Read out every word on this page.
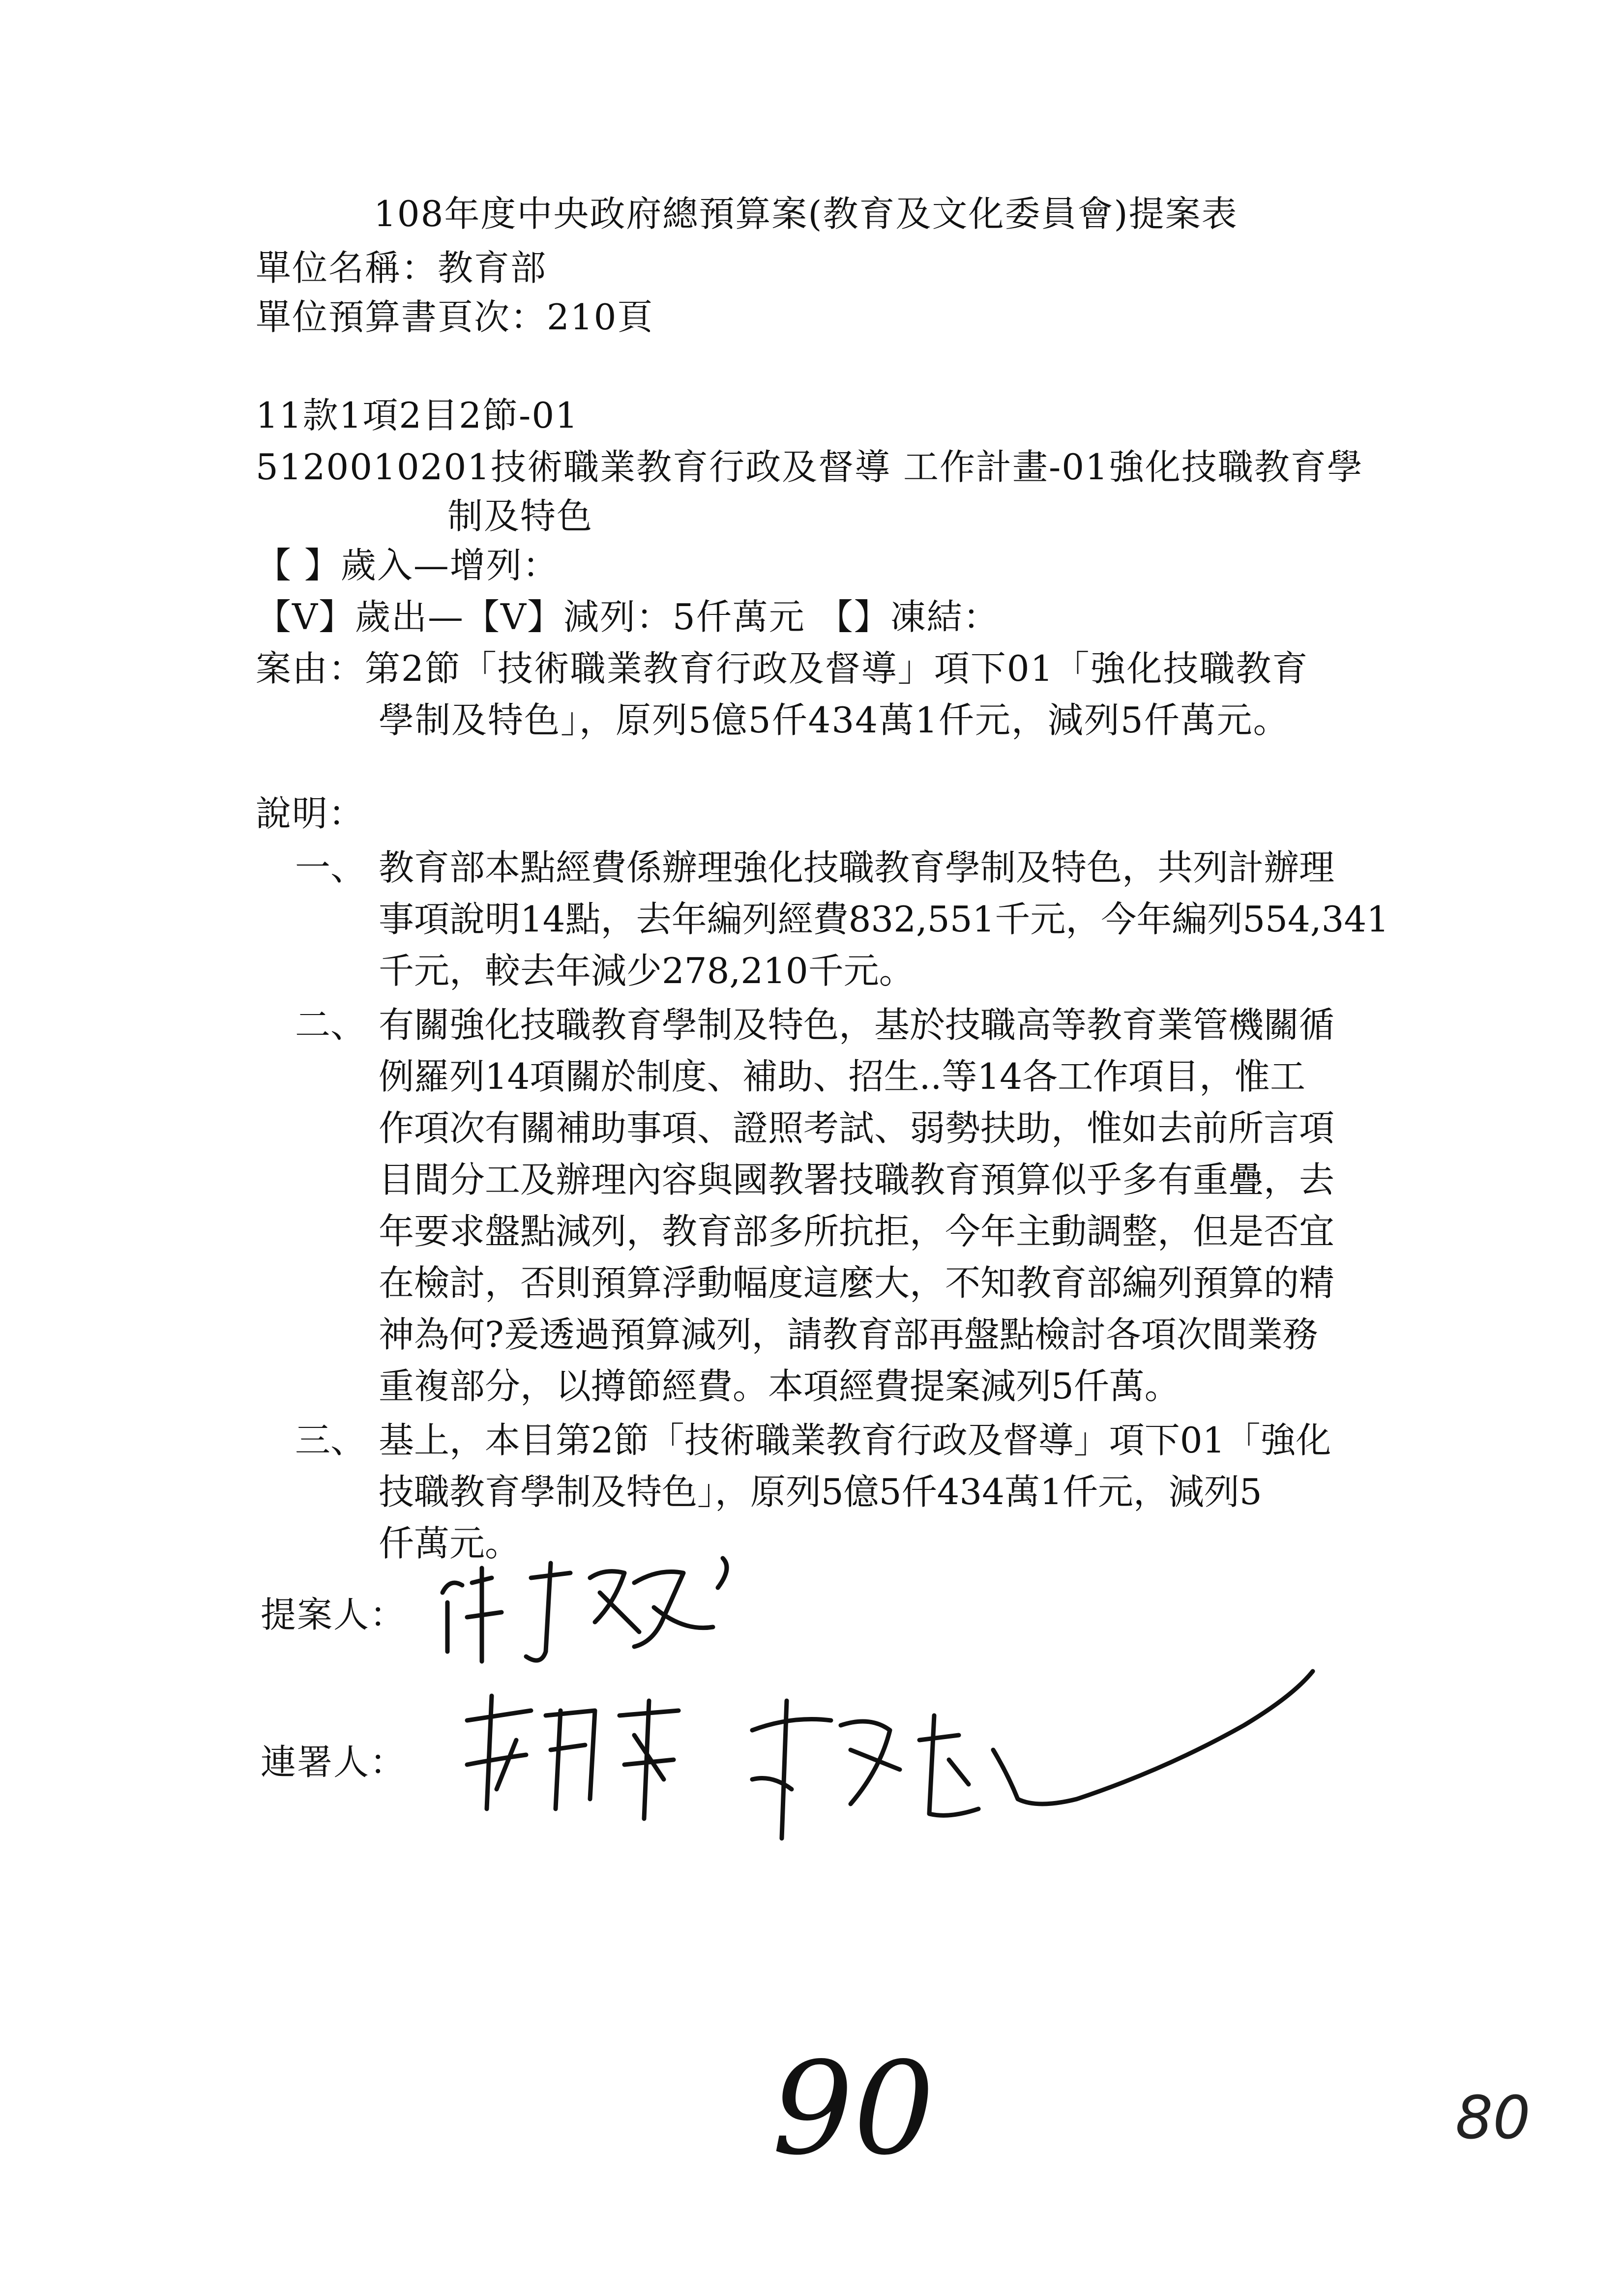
108年度中央政府總預算案(教育及文化委員會)提案表
單位名稱：教育部
單位預算書頁次：210頁
11款1項2目2節-01
5120010201技術職業教育行政及督導 工作計畫-01強化技職教育學
制及特色
【 】歲入—增列：
【V】歲出—【V】減列：5仟萬元 【】凍結：
案由：第2節「技術職業教育行政及督導」項下01「強化技職教育
學制及特色」，原列5億5仟434萬1仟元，減列5仟萬元。
說明：
一、 教育部本點經費係辦理強化技職教育學制及特色，共列計辦理
事項說明14點，去年編列經費832,551千元，今年編列554,341
千元，較去年減少278,210千元。
二、 有關強化技職教育學制及特色，基於技職高等教育業管機關循
例羅列14項關於制度、補助、招生..等14各工作項目，惟工
作項次有關補助事項、證照考試、弱勢扶助，惟如去前所言項
目間分工及辦理內容與國教署技職教育預算似乎多有重疊，去
年要求盤點減列，教育部多所抗拒，今年主動調整，但是否宜
在檢討，否則預算浮動幅度這麼大，不知教育部編列預算的精
神為何?爰透過預算減列，請教育部再盤點檢討各項次間業務
重複部分，以撙節經費。本項經費提案減列5仟萬。
三、 基上，本目第2節「技術職業教育行政及督導」項下01「強化
技職教育學制及特色」，原列5億5仟434萬1仟元，減列5
仟萬元。
提案人：
連署人：
90	80
